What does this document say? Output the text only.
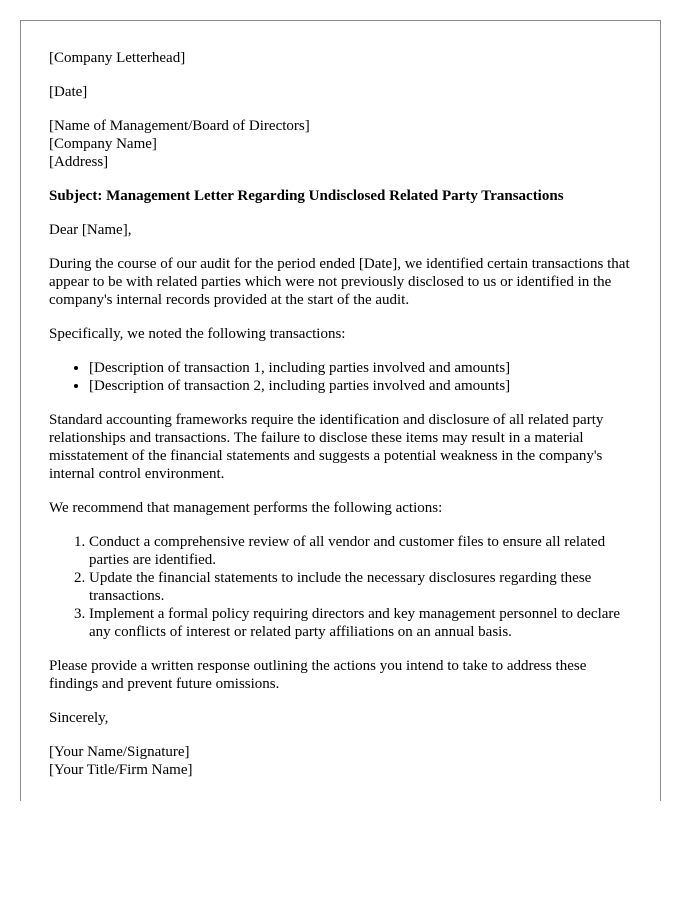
[Company Letterhead]

[Date]

[Name of Management/Board of Directors]
[Company Name]
[Address]

Subject: Management Letter Regarding Undisclosed Related Party Transactions

Dear [Name],

During the course of our audit for the period ended [Date], we identified certain transactions that appear to be with related parties which were not previously disclosed to us or identified in the company's internal records provided at the start of the audit.

Specifically, we noted the following transactions:

• [Description of transaction 1, including parties involved and amounts]
• [Description of transaction 2, including parties involved and amounts]

Standard accounting frameworks require the identification and disclosure of all related party relationships and transactions. The failure to disclose these items may result in a material misstatement of the financial statements and suggests a potential weakness in the company's internal control environment.

We recommend that management performs the following actions:

1. Conduct a comprehensive review of all vendor and customer files to ensure all related parties are identified.
2. Update the financial statements to include the necessary disclosures regarding these transactions.
3. Implement a formal policy requiring directors and key management personnel to declare any conflicts of interest or related party affiliations on an annual basis.

Please provide a written response outlining the actions you intend to take to address these findings and prevent future omissions.

Sincerely,

[Your Name/Signature]
[Your Title/Firm Name]
